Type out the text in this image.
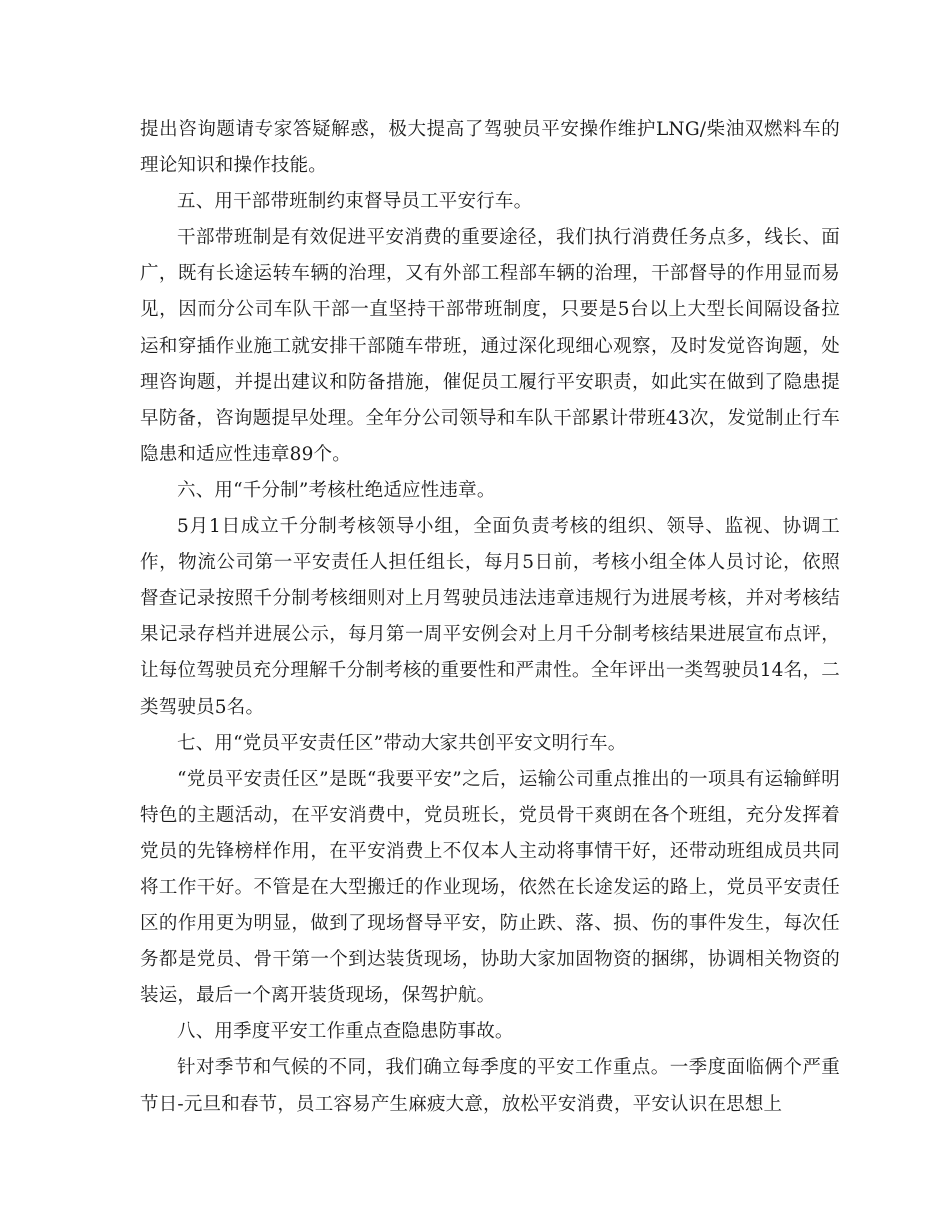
提出咨询题请专家答疑解惑，极大提高了驾驶员平安操作维护LNG/柴油双燃料车的理论知识和操作技能。

五、用干部带班制约束督导员工平安行车。

干部带班制是有效促进平安消费的重要途径，我们执行消费任务点多，线长、面广，既有长途运转车辆的治理，又有外部工程部车辆的治理，干部督导的作用显而易见，因而分公司车队干部一直坚持干部带班制度，只要是5台以上大型长间隔设备拉运和穿插作业施工就安排干部随车带班，通过深化现细心观察，及时发觉咨询题，处理咨询题，并提出建议和防备措施，催促员工履行平安职责，如此实在做到了隐患提早防备，咨询题提早处理。全年分公司领导和车队干部累计带班43次，发觉制止行车隐患和适应性违章89个。

六、用“千分制”考核杜绝适应性违章。

5月1日成立千分制考核领导小组，全面负责考核的组织、领导、监视、协调工作，物流公司第一平安责任人担任组长，每月5日前，考核小组全体人员讨论，依照督查记录按照千分制考核细则对上月驾驶员违法违章违规行为进展考核，并对考核结果记录存档并进展公示，每月第一周平安例会对上月千分制考核结果进展宣布点评，让每位驾驶员充分理解千分制考核的重要性和严肃性。全年评出一类驾驶员14名，二类驾驶员5名。

七、用“党员平安责任区”带动大家共创平安文明行车。

“党员平安责任区”是既“我要平安”之后，运输公司重点推出的一项具有运输鲜明特色的主题活动，在平安消费中，党员班长，党员骨干爽朗在各个班组，充分发挥着党员的先锋榜样作用，在平安消费上不仅本人主动将事情干好，还带动班组成员共同将工作干好。不管是在大型搬迁的作业现场，依然在长途发运的路上，党员平安责任区的作用更为明显，做到了现场督导平安，防止跌、落、损、伤的事件发生，每次任务都是党员、骨干第一个到达装货现场，协助大家加固物资的捆绑，协调相关物资的装运，最后一个离开装货现场，保驾护航。

八、用季度平安工作重点查隐患防事故。

针对季节和气候的不同，我们确立每季度的平安工作重点。一季度面临俩个严重节日-元旦和春节，员工容易产生麻疲大意，放松平安消费，平安认识在思想上
